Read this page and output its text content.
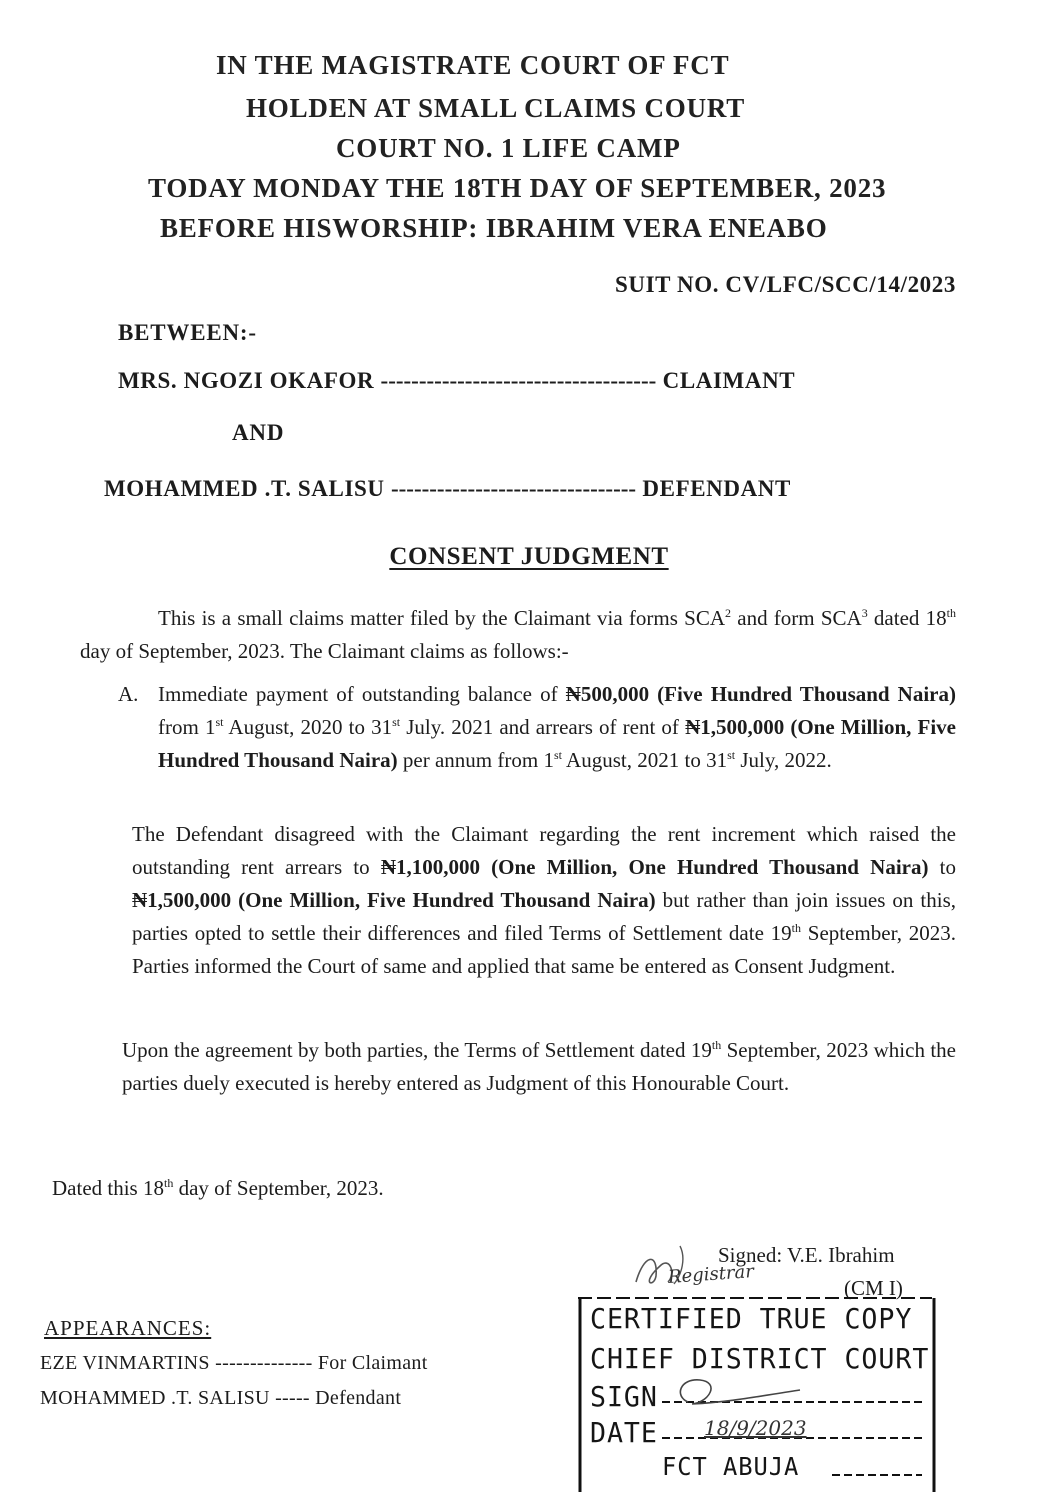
IN THE MAGISTRATE COURT OF FCT
HOLDEN AT SMALL CLAIMS COURT
COURT NO. 1 LIFE CAMP
TODAY MONDAY THE 18TH DAY OF SEPTEMBER, 2023
BEFORE HISWORSHIP: IBRAHIM VERA ENEABO
SUIT NO. CV/LFC/SCC/14/2023
BETWEEN:-
MRS. NGOZI OKAFOR ------------------------------------ CLAIMANT
AND
MOHAMMED .T. SALISU -------------------------------- DEFENDANT
CONSENT JUDGMENT
This is a small claims matter filed by the Claimant via forms SCA$^2$ and form SCA$^3$ dated 18th day of September, 2023. The Claimant claims as follows:-
A. Immediate payment of outstanding balance of ₦500,000 (Five Hundred Thousand Naira) from 1st August, 2020 to 31st July. 2021 and arrears of rent of ₦1,500,000 (One Million, Five Hundred Thousand Naira) per annum from 1st August, 2021 to 31st July, 2022.
The Defendant disagreed with the Claimant regarding the rent increment which raised the outstanding rent arrears to ₦1,100,000 (One Million, One Hundred Thousand Naira) to ₦1,500,000 (One Million, Five Hundred Thousand Naira) but rather than join issues on this, parties opted to settle their differences and filed Terms of Settlement date 19th September, 2023. Parties informed the Court of same and applied that same be entered as Consent Judgment.
Upon the agreement by both parties, the Terms of Settlement dated 19th September, 2023 which the parties duely executed is hereby entered as Judgment of this Honourable Court.
Dated this 18th day of September, 2023.
Signed: V.E. Ibrahim
(CM I)
APPEARANCES:
EZE VINMARTINS -------------- For Claimant
MOHAMMED .T. SALISU ----- Defendant
Registrar
CERTIFIED TRUE COPY
CHIEF DISTRICT COURT
SIGN
DATE
FCT ABUJA
18/9/2023
